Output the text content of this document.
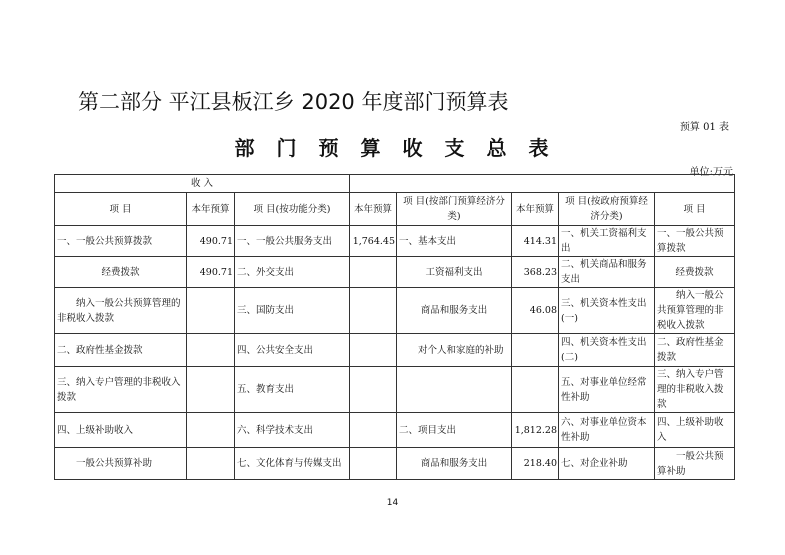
第二部分 平江县板江乡 2020 年度部门预算表
预算 01 表
部门预算收支总表
单位:万元
收 入							
项 目	本年预算	项 目(按功能分类)	本年预算	项 目(按部门预算经济分类)	本年预算	项 目(按政府预算经济分类)	项 目
一、一般公共预算拨款	490.71	一、一般公共服务支出	1,764.45	一、基本支出	414.31	一、机关工资福利支出	一、一般公共预算拨款
经费拨款	490.71	二、外交支出		工资福利支出	368.23	二、机关商品和服务支出	经费拨款
纳入一般公共预算管理的非税收入拨款		三、国防支出		商品和服务支出	46.08	三、机关资本性支出(一)	纳入一般公共预算管理的非税收入拨款
二、政府性基金拨款		四、公共安全支出		对个人和家庭的补助		四、机关资本性支出(二)	二、政府性基金拨款
三、纳入专户管理的非税收入拨款		五、教育支出				五、对事业单位经常性补助	三、纳入专户管理的非税收入拨款
四、上级补助收入		六、科学技术支出		二、项目支出	1,812.28	六、对事业单位资本性补助	四、上级补助收入
一般公共预算补助		七、文化体育与传媒支出		商品和服务支出	218.40	七、对企业补助	一般公共预算补助
14
